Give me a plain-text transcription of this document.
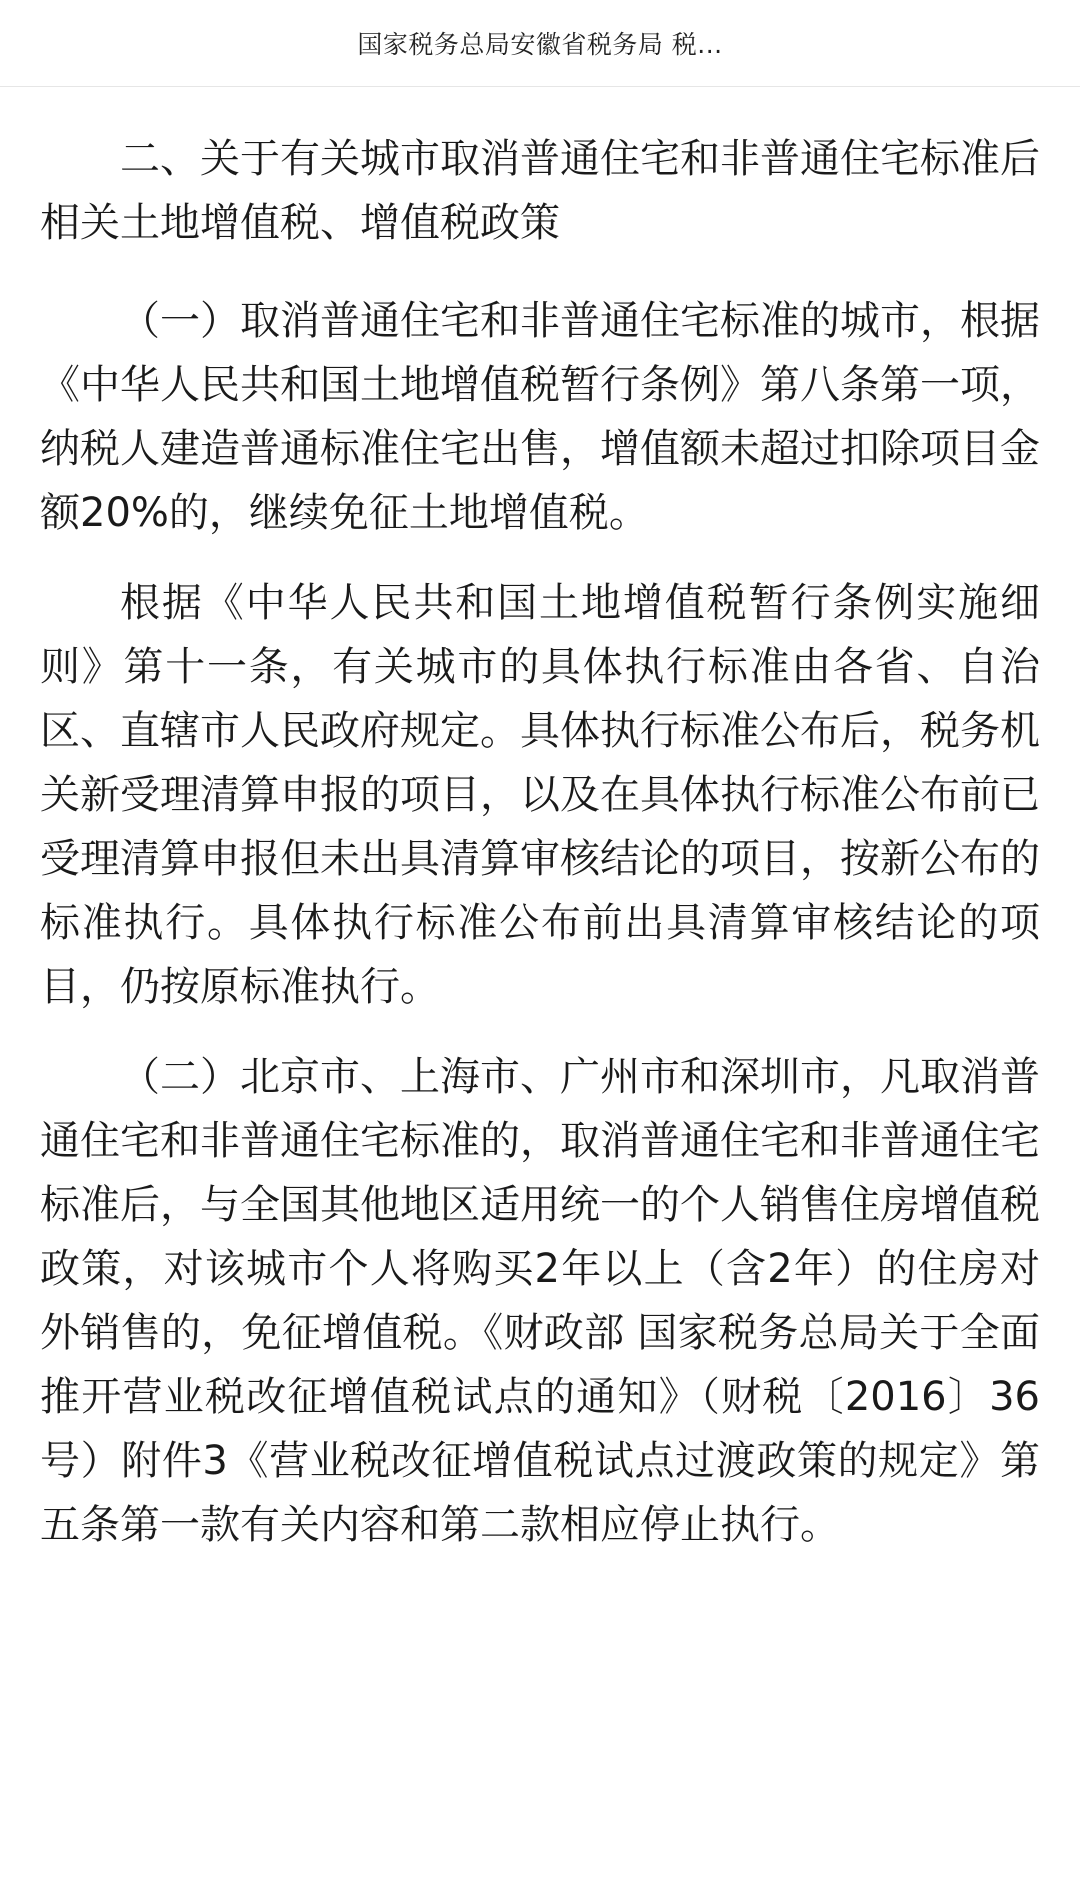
国家税务总局安徽省税务局 税...

二、关于有关城市取消普通住宅和非普通住宅标准后相关土地增值税、增值税政策

（一）取消普通住宅和非普通住宅标准的城市，根据《中华人民共和国土地增值税暂行条例》第八条第一项，纳税人建造普通标准住宅出售，增值额未超过扣除项目金额20%的，继续免征土地增值税。

根据《中华人民共和国土地增值税暂行条例实施细则》第十一条，有关城市的具体执行标准由各省、自治区、直辖市人民政府规定。具体执行标准公布后，税务机关新受理清算申报的项目，以及在具体执行标准公布前已受理清算申报但未出具清算审核结论的项目，按新公布的标准执行。具体执行标准公布前出具清算审核结论的项目，仍按原标准执行。

（二）北京市、上海市、广州市和深圳市，凡取消普通住宅和非普通住宅标准的，取消普通住宅和非普通住宅标准后，与全国其他地区适用统一的个人销售住房增值税政策，对该城市个人将购买2年以上（含2年）的住房对外销售的，免征增值税。《财政部 国家税务总局关于全面推开营业税改征增值税试点的通知》（财税〔2016〕36号）附件3《营业税改征增值税试点过渡政策的规定》第五条第一款有关内容和第二款相应停止执行。
